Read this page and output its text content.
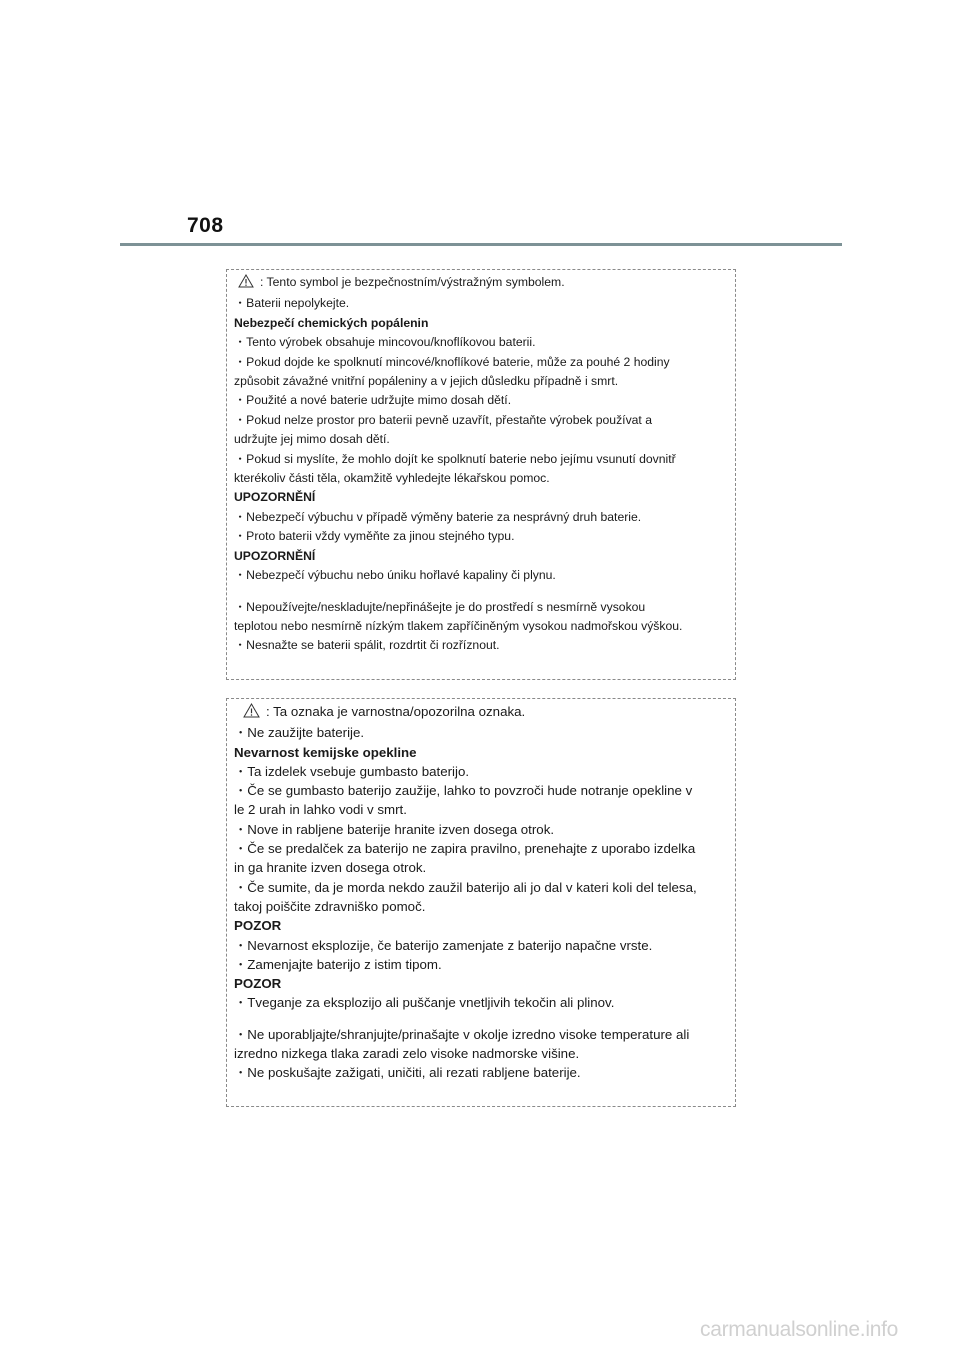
708
: Tento symbol je bezpečnostním/výstražným symbolem.
・Baterii nepolykejte.
Nebezpečí chemických popálenin
・Tento výrobek obsahuje mincovou/knoflíkovou baterii.
・Pokud dojde ke spolknutí mincové/knoflíkové baterie, může za pouhé 2 hodiny
způsobit závažné vnitřní popáleniny a v jejich důsledku případně i smrt.
・Použité a nové baterie udržujte mimo dosah dětí.
・Pokud nelze prostor pro baterii pevně uzavřít, přestaňte výrobek používat a
udržujte jej mimo dosah dětí.
・Pokud si myslíte, že mohlo dojít ke spolknutí baterie nebo jejímu vsunutí dovnitř
kterékoliv části těla, okamžitě vyhledejte lékařskou pomoc.
UPOZORNĚNÍ
・Nebezpečí výbuchu v případě výměny baterie za nesprávný druh baterie.
・Proto baterii vždy vyměňte za jinou stejného typu.
UPOZORNĚNÍ
・Nebezpečí výbuchu nebo úniku hořlavé kapaliny či plynu.
・Nepoužívejte/neskladujte/nepřinášejte je do prostředí s nesmírně vysokou
teplotou nebo nesmírně nízkým tlakem zapříčiněným vysokou nadmořskou výškou.
・Nesnažte se baterii spálit, rozdrtit či rozříznout.
: Ta oznaka je varnostna/opozorilna oznaka.
・Ne zaužijte baterije.
Nevarnost kemijske opekline
・Ta izdelek vsebuje gumbasto baterijo.
・Če se gumbasto baterijo zaužije, lahko to povzroči hude notranje opekline v
le 2 urah in lahko vodi v smrt.
・Nove in rabljene baterije hranite izven dosega otrok.
・Če se predalček za baterijo ne zapira pravilno, prenehajte z uporabo izdelka
in ga hranite izven dosega otrok.
・Če sumite, da je morda nekdo zaužil baterijo ali jo dal v kateri koli del telesa,
takoj poiščite zdravniško pomoč.
POZOR
・Nevarnost eksplozije, če baterijo zamenjate z baterijo napačne vrste.
・Zamenjajte baterijo z istim tipom.
POZOR
・Tveganje za eksplozijo ali puščanje vnetljivih tekočin ali plinov.
・Ne uporabljajte/shranjujte/prinašajte v okolje izredno visoke temperature ali
izredno nizkega tlaka zaradi zelo visoke nadmorske višine.
・Ne poskušajte zažigati, uničiti, ali rezati rabljene baterije.
carmanualsonline.info
